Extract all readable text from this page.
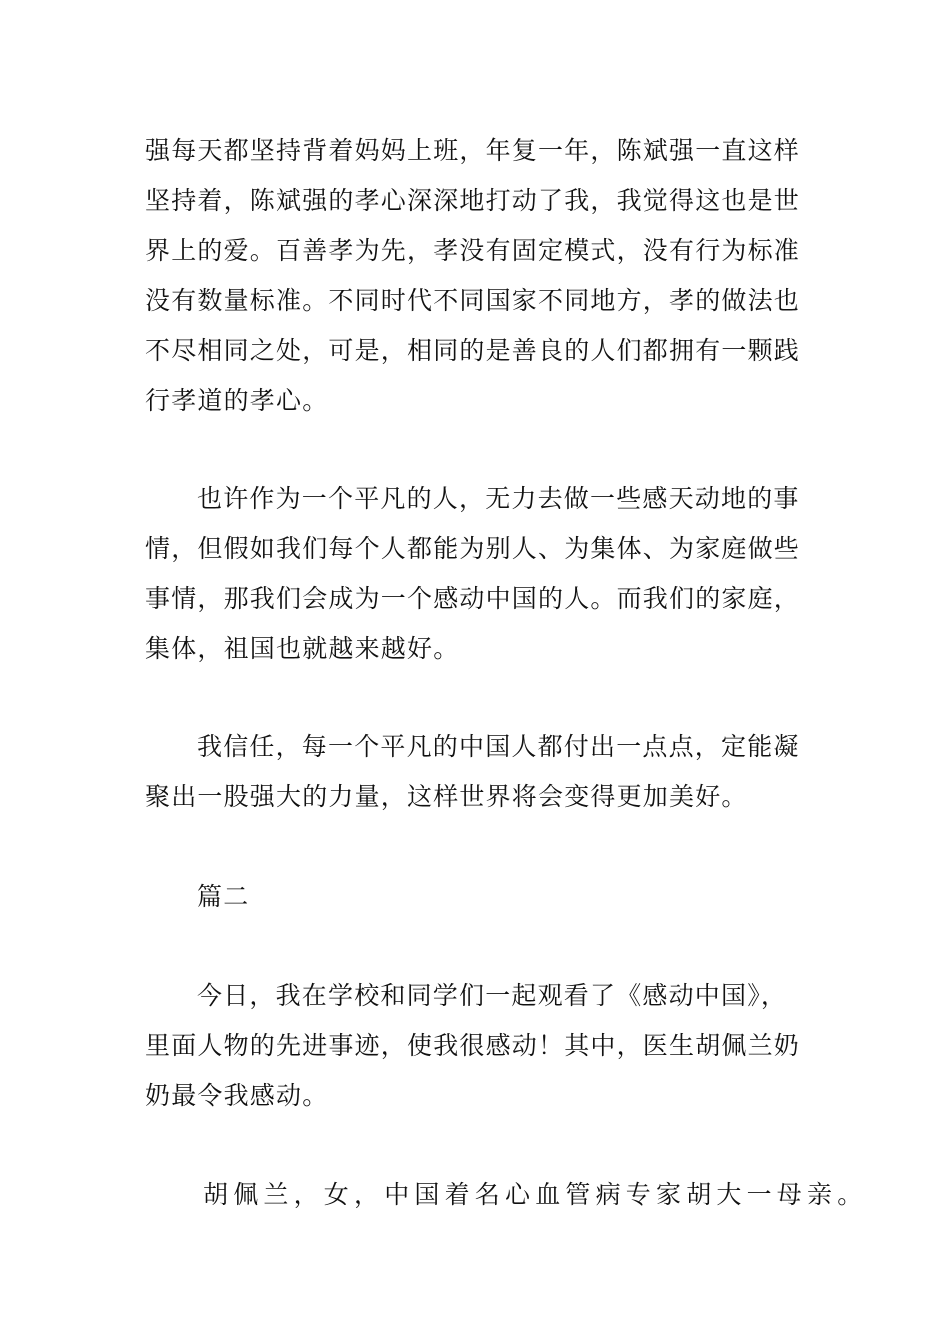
强每天都坚持背着妈妈上班，年复一年，陈斌强一直这样坚持着，陈斌强的孝心深深地打动了我，我觉得这也是世界上的爱。百善孝为先，孝没有固定模式，没有行为标准没有数量标准。不同时代不同国家不同地方，孝的做法也不尽相同之处，可是，相同的是善良的人们都拥有一颗践行孝道的孝心。
也许作为一个平凡的人，无力去做一些感天动地的事情，但假如我们每个人都能为别人、为集体、为家庭做些事情，那我们会成为一个感动中国的人。而我们的家庭，集体，祖国也就越来越好。
我信任，每一个平凡的中国人都付出一点点，定能凝聚出一股强大的力量，这样世界将会变得更加美好。
篇二
今日，我在学校和同学们一起观看了《感动中国》，里面人物的先进事迹，使我很感动！其中，医生胡佩兰奶奶最令我感动。
胡佩兰，女，中国着名心血管病专家胡大一母亲。
